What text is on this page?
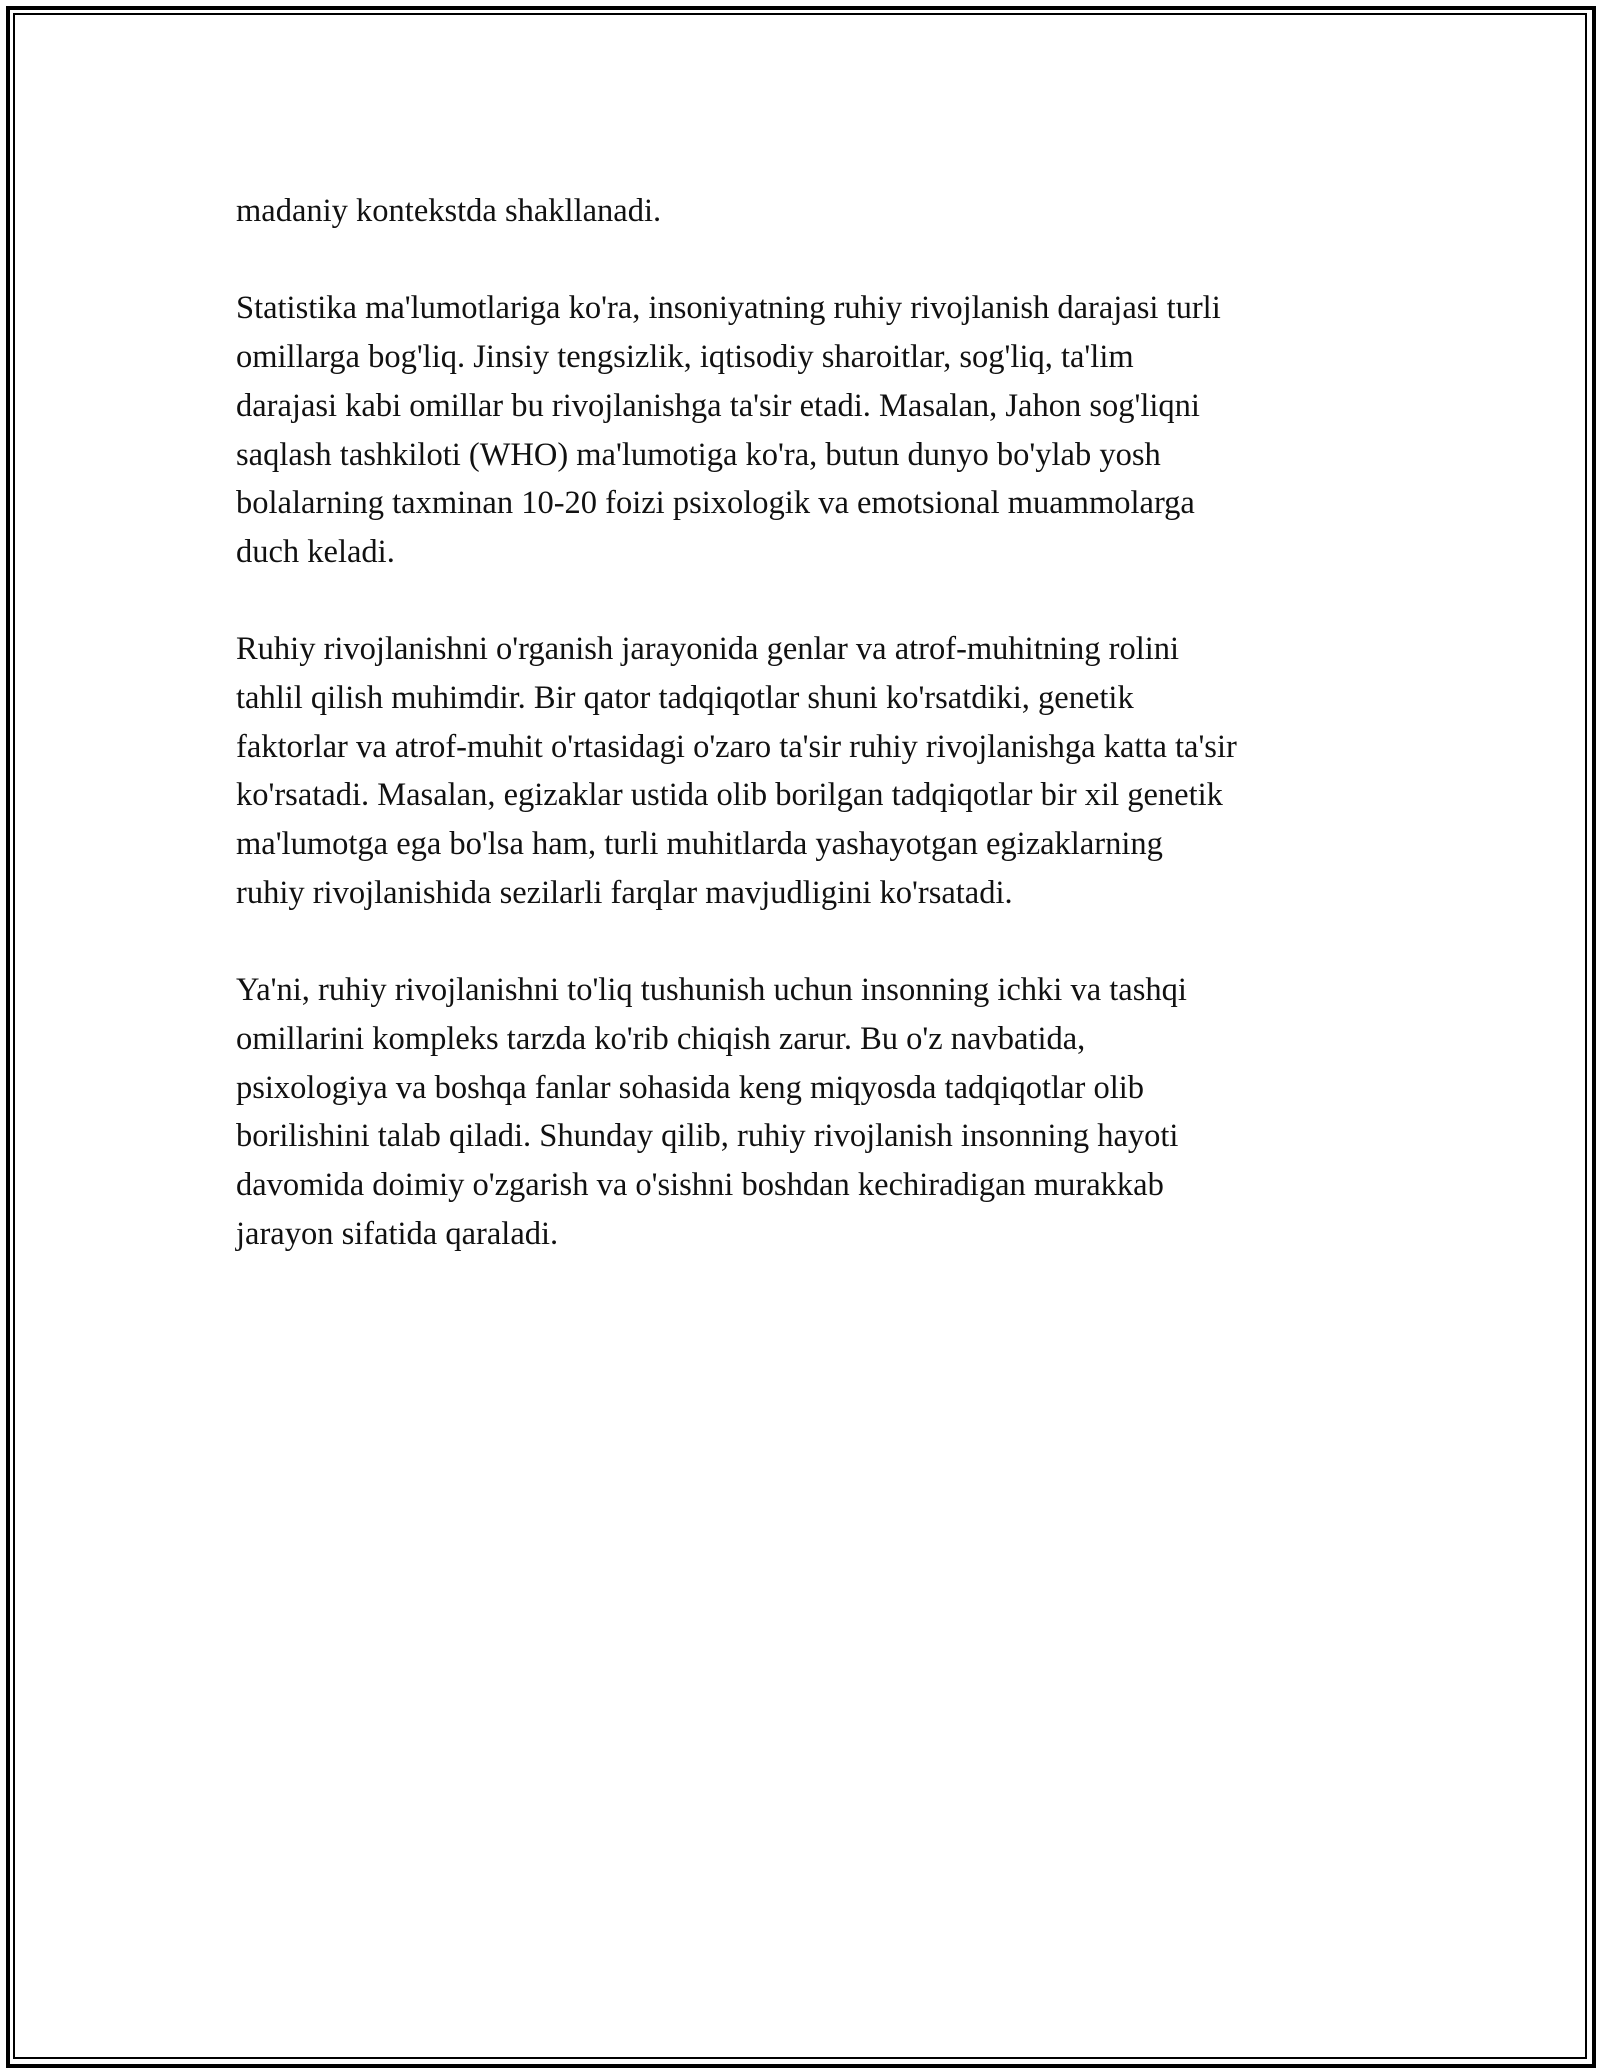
madaniy kontekstda shakllanadi.

Statistika ma'lumotlariga ko'ra, insoniyatning ruhiy rivojlanish darajasi turli
omillarga bog'liq. Jinsiy tengsizlik, iqtisodiy sharoitlar, sog'liq, ta'lim
darajasi kabi omillar bu rivojlanishga ta'sir etadi. Masalan, Jahon sog'liqni
saqlash tashkiloti (WHO) ma'lumotiga ko'ra, butun dunyo bo'ylab yosh
bolalarning taxminan 10-20 foizi psixologik va emotsional muammolarga
duch keladi.

Ruhiy rivojlanishni o'rganish jarayonida genlar va atrof-muhitning rolini
tahlil qilish muhimdir. Bir qator tadqiqotlar shuni ko'rsatdiki, genetik
faktorlar va atrof-muhit o'rtasidagi o'zaro ta'sir ruhiy rivojlanishga katta ta'sir
ko'rsatadi. Masalan, egizaklar ustida olib borilgan tadqiqotlar bir xil genetik
ma'lumotga ega bo'lsa ham, turli muhitlarda yashayotgan egizaklarning
ruhiy rivojlanishida sezilarli farqlar mavjudligini ko'rsatadi.

Ya'ni, ruhiy rivojlanishni to'liq tushunish uchun insonning ichki va tashqi
omillarini kompleks tarzda ko'rib chiqish zarur. Bu o'z navbatida,
psixologiya va boshqa fanlar sohasida keng miqyosda tadqiqotlar olib
borilishini talab qiladi. Shunday qilib, ruhiy rivojlanish insonning hayoti
davomida doimiy o'zgarish va o'sishni boshdan kechiradigan murakkab
jarayon sifatida qaraladi.
